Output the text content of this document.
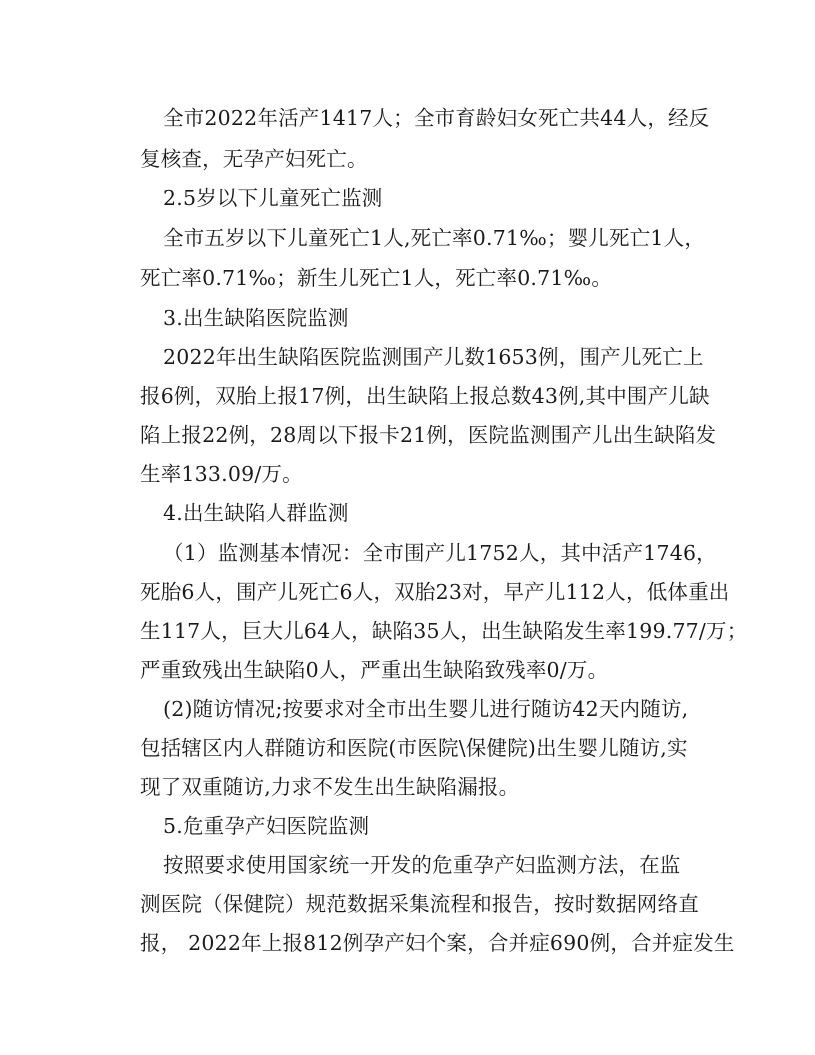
全市2022年活产1417人；全市育龄妇女死亡共44人，经反
复核查，无孕产妇死亡。
2.5岁以下儿童死亡监测
全市五岁以下儿童死亡1人,死亡率0.71‰；婴儿死亡1人，
死亡率0.71‰；新生儿死亡1人，死亡率0.71‰。
3.出生缺陷医院监测
2022年出生缺陷医院监测围产儿数1653例，围产儿死亡上
报6例，双胎上报17例，出生缺陷上报总数43例,其中围产儿缺
陷上报22例，28周以下报卡21例，医院监测围产儿出生缺陷发
生率133.09/万。
4.出生缺陷人群监测
（1）监测基本情况：全市围产儿1752人，其中活产1746，
死胎6人，围产儿死亡6人，双胎23对，早产儿112人，低体重出
生117人，巨大儿64人，缺陷35人，出生缺陷发生率199.77/万；
严重致残出生缺陷0人，严重出生缺陷致残率0/万。
(2)随访情况;按要求对全市出生婴儿进行随访42天内随访,
包括辖区内人群随访和医院(市医院\保健院)出生婴儿随访,实
现了双重随访,力求不发生出生缺陷漏报。
5.危重孕产妇医院监测
按照要求使用国家统一开发的危重孕产妇监测方法，在监
测医院（保健院）规范数据采集流程和报告，按时数据网络直
报， 2022年上报812例孕产妇个案，合并症690例，合并症发生
